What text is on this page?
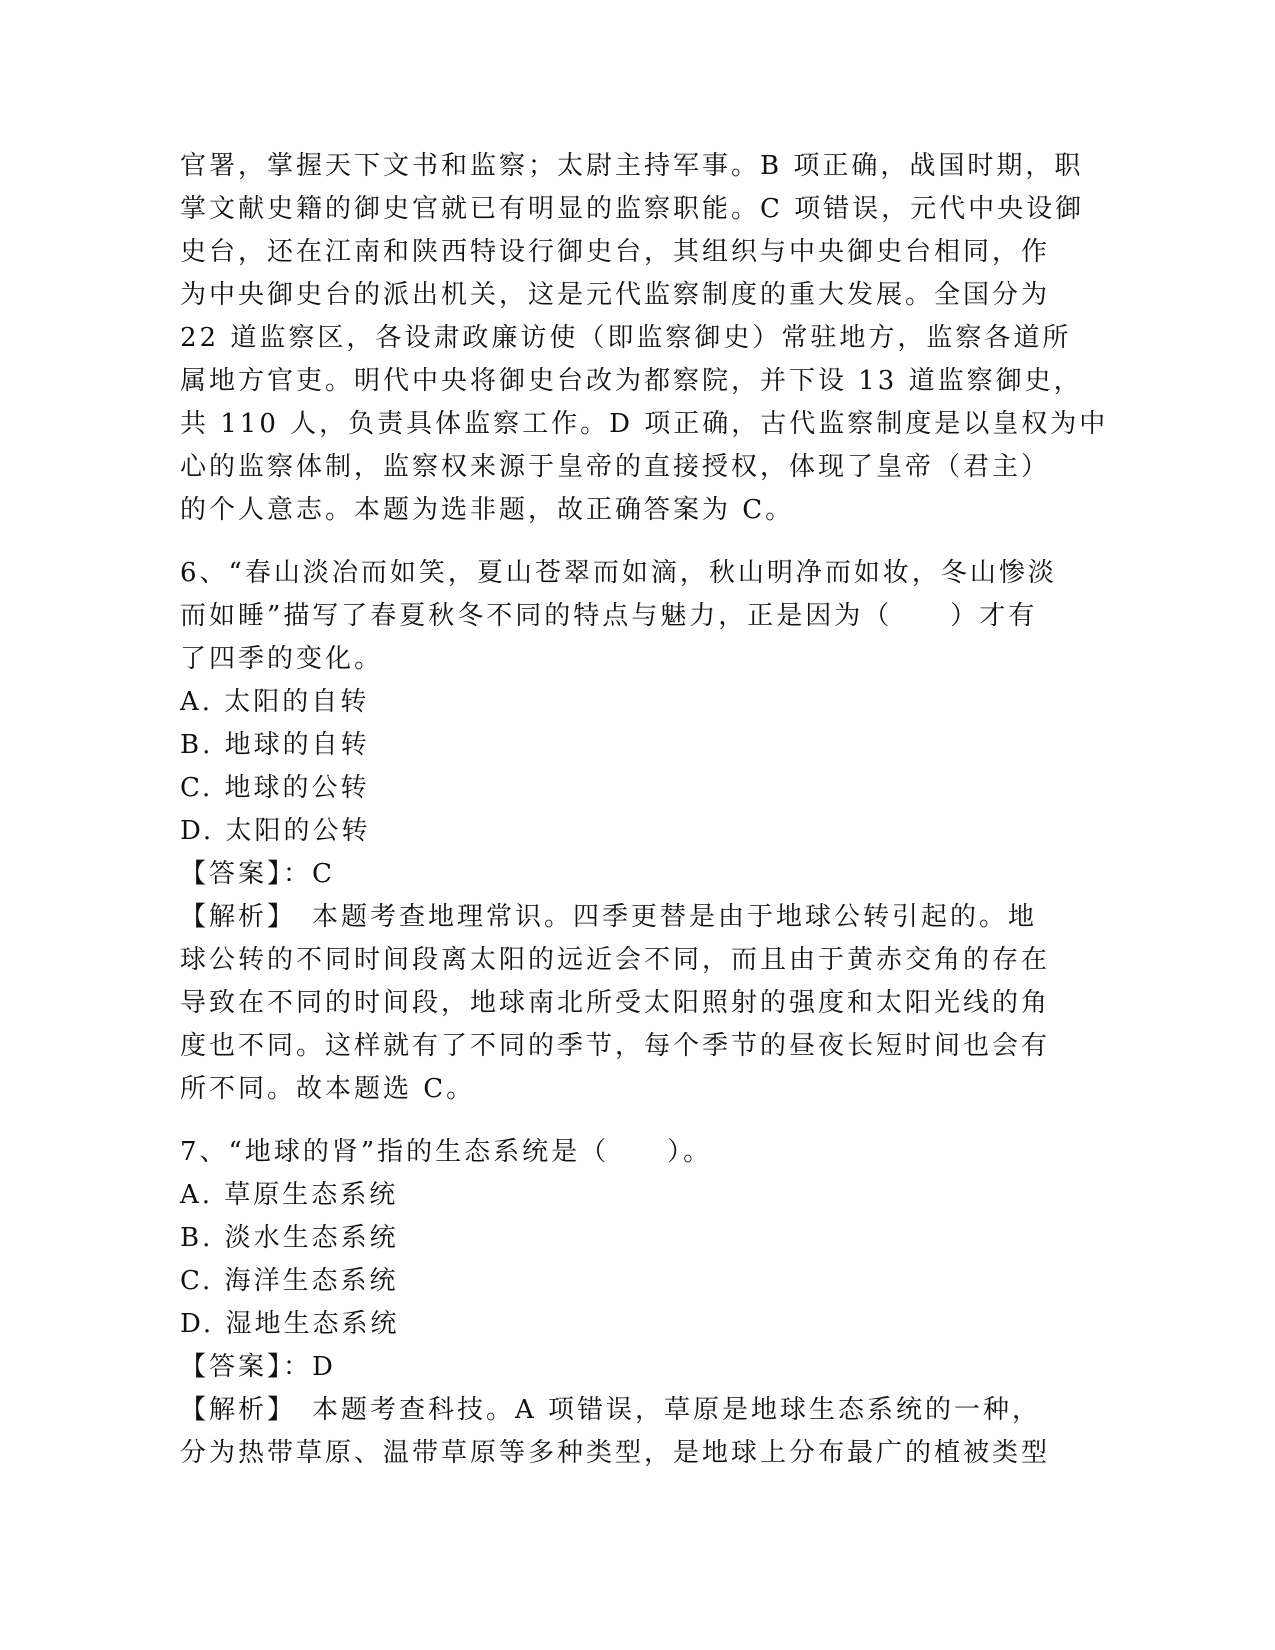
官署，掌握天下文书和监察；太尉主持军事。B 项正确，战国时期，职
掌文献史籍的御史官就已有明显的监察职能。C 项错误，元代中央设御
史台，还在江南和陕西特设行御史台，其组织与中央御史台相同，作
为中央御史台的派出机关，这是元代监察制度的重大发展。全国分为
22 道监察区，各设肃政廉访使（即监察御史）常驻地方，监察各道所
属地方官吏。明代中央将御史台改为都察院，并下设 13 道监察御史，
共 110 人，负责具体监察工作。D 项正确，古代监察制度是以皇权为中
心的监察体制，监察权来源于皇帝的直接授权，体现了皇帝（君主）
的个人意志。本题为选非题，故正确答案为 C。
6、“春山淡冶而如笑，夏山苍翠而如滴，秋山明净而如妆，冬山惨淡
而如睡”描写了春夏秋冬不同的特点与魅力，正是因为（　　）才有
了四季的变化。
A. 太阳的自转
B. 地球的自转
C. 地球的公转
D. 太阳的公转
【答案】：C
【解析】　本题考查地理常识。四季更替是由于地球公转引起的。地
球公转的不同时间段离太阳的远近会不同，而且由于黄赤交角的存在
导致在不同的时间段，地球南北所受太阳照射的强度和太阳光线的角
度也不同。这样就有了不同的季节，每个季节的昼夜长短时间也会有
所不同。故本题选 C。
7、“地球的肾”指的生态系统是（　　）。
A. 草原生态系统
B. 淡水生态系统
C. 海洋生态系统
D. 湿地生态系统
【答案】：D
【解析】　本题考查科技。A 项错误，草原是地球生态系统的一种，
分为热带草原、温带草原等多种类型，是地球上分布最广的植被类型
